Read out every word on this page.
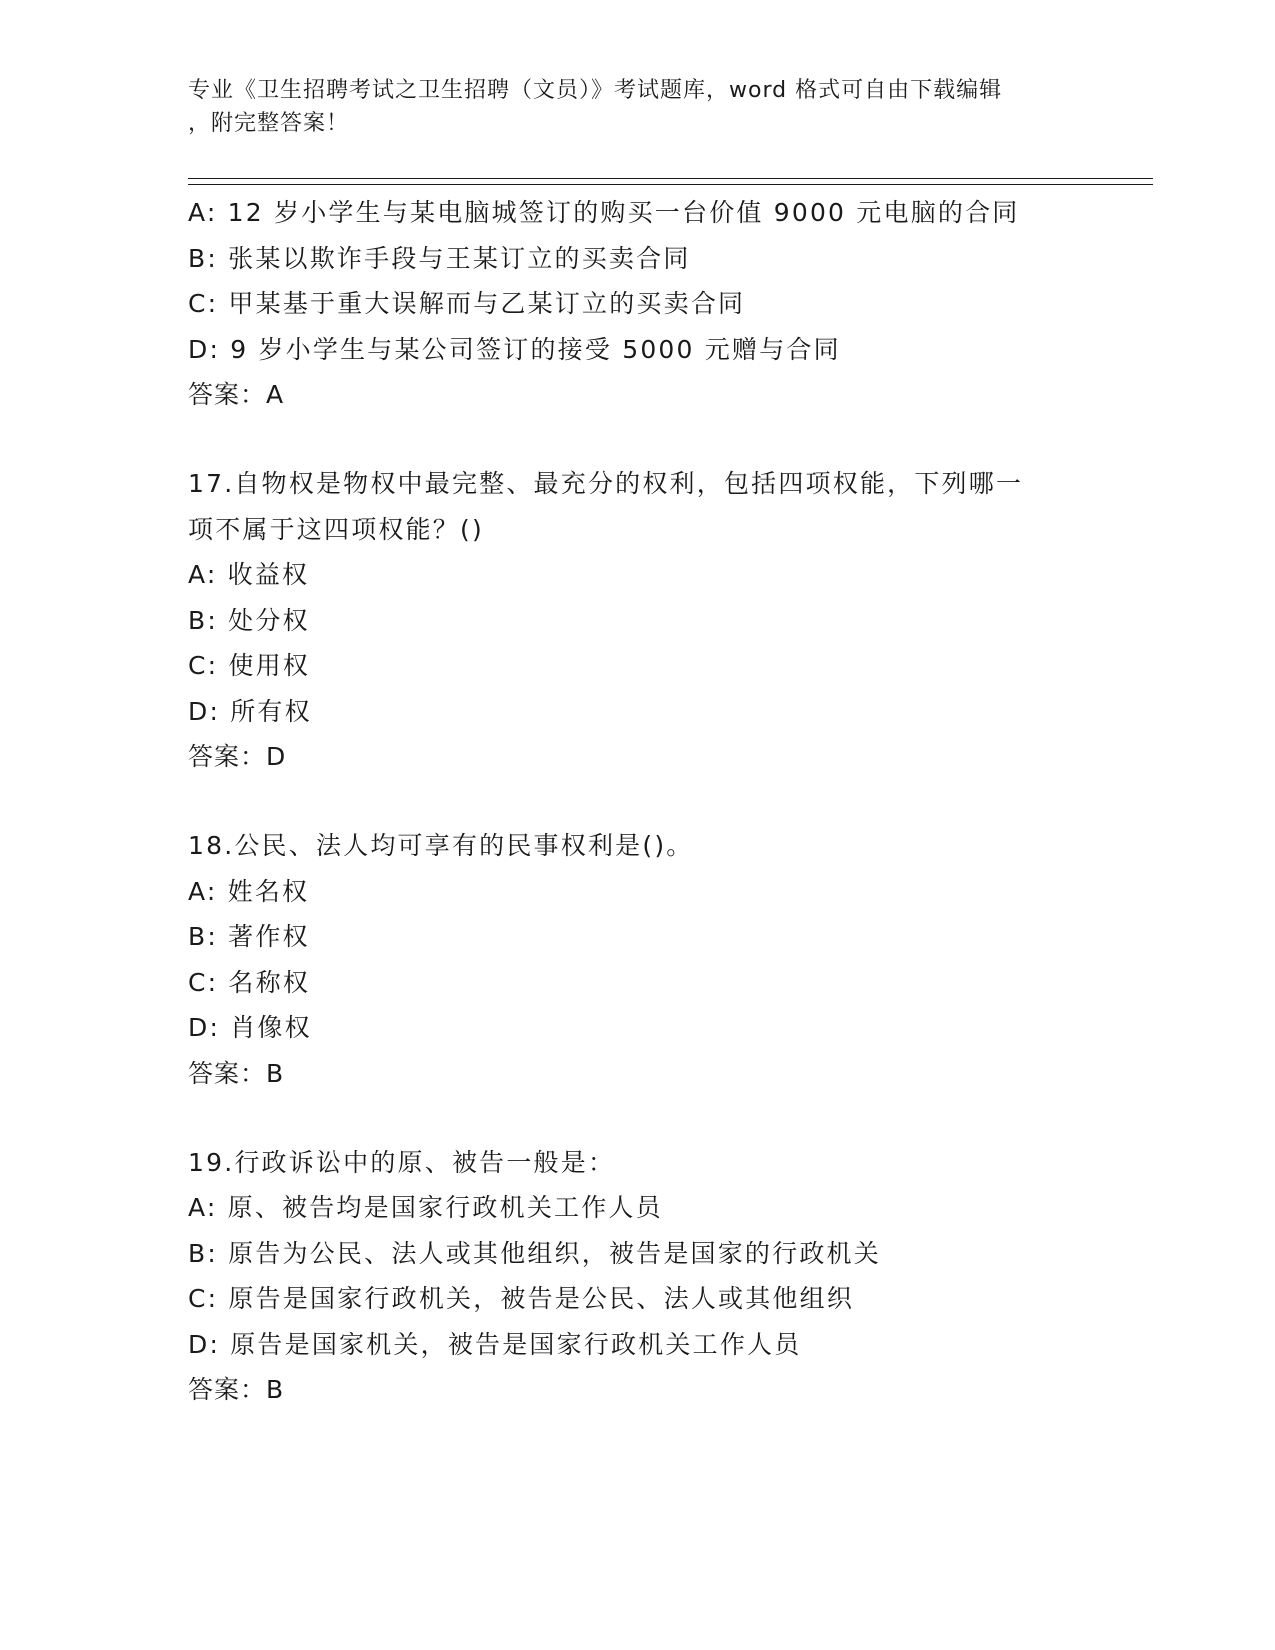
专业《卫生招聘考试之卫生招聘（文员）》考试题库，word 格式可自由下载编辑
，附完整答案！
A: 12 岁小学生与某电脑城签订的购买一台价值 9000 元电脑的合同
B: 张某以欺诈手段与王某订立的买卖合同
C: 甲某基于重大误解而与乙某订立的买卖合同
D: 9 岁小学生与某公司签订的接受 5000 元赠与合同
答案：A
17.自物权是物权中最完整、最充分的权利，包括四项权能，下列哪一
项不属于这四项权能？()
A: 收益权
B: 处分权
C: 使用权
D: 所有权
答案：D
18.公民、法人均可享有的民事权利是()。
A: 姓名权
B: 著作权
C: 名称权
D: 肖像权
答案：B
19.行政诉讼中的原、被告一般是：
A: 原、被告均是国家行政机关工作人员
B: 原告为公民、法人或其他组织，被告是国家的行政机关
C: 原告是国家行政机关，被告是公民、法人或其他组织
D: 原告是国家机关，被告是国家行政机关工作人员
答案：B
